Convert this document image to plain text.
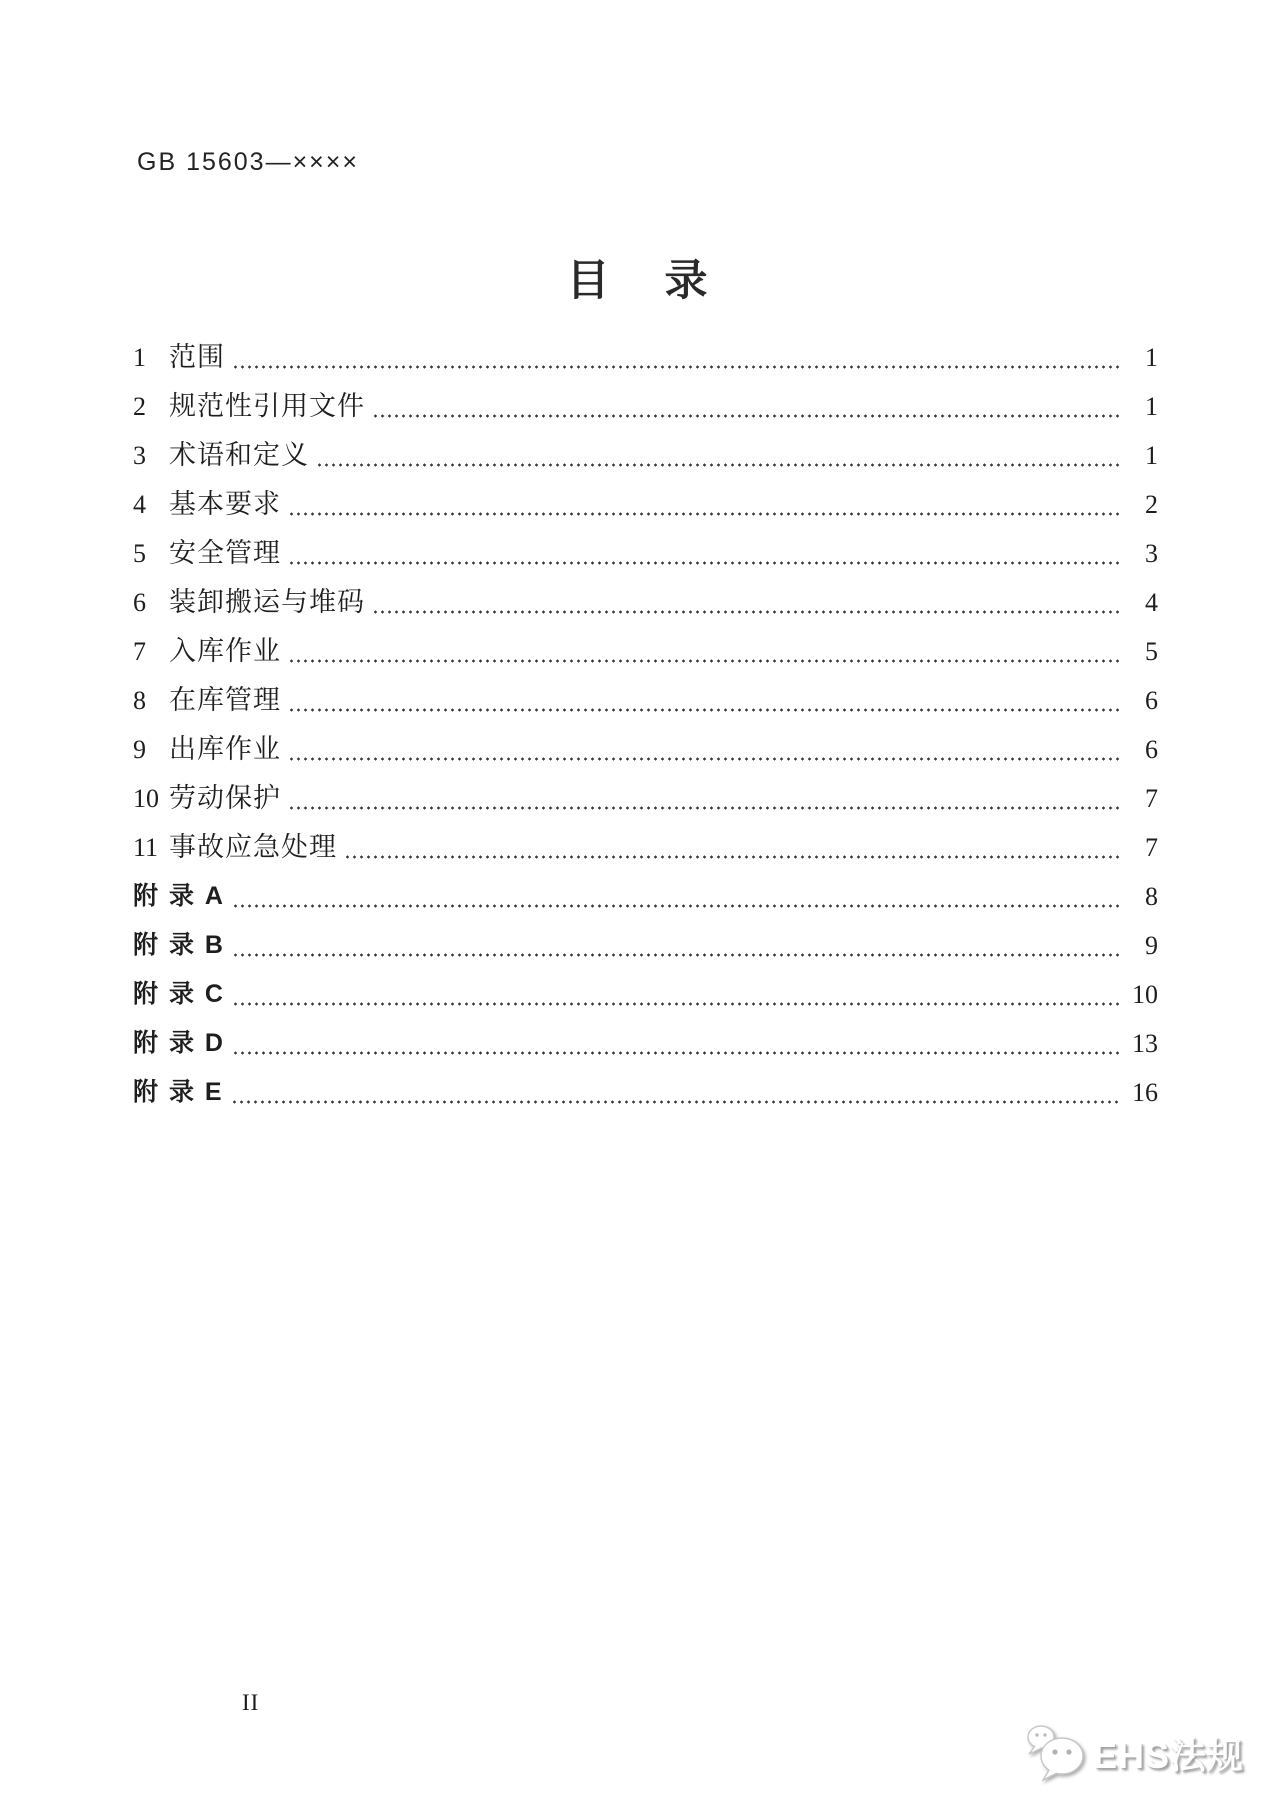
GB 15603—××××
目　录
1 范围	1
2 规范性引用文件	1
3 术语和定义	1
4 基本要求	2
5 安全管理	3
6 装卸搬运与堆码	4
7 入库作业	5
8 在库管理	6
9 出库作业	6
10 劳动保护	7
11 事故应急处理	7
附 录 A	8
附 录 B	9
附 录 C	10
附 录 D	13
附 录 E	16
II
EHS法规
